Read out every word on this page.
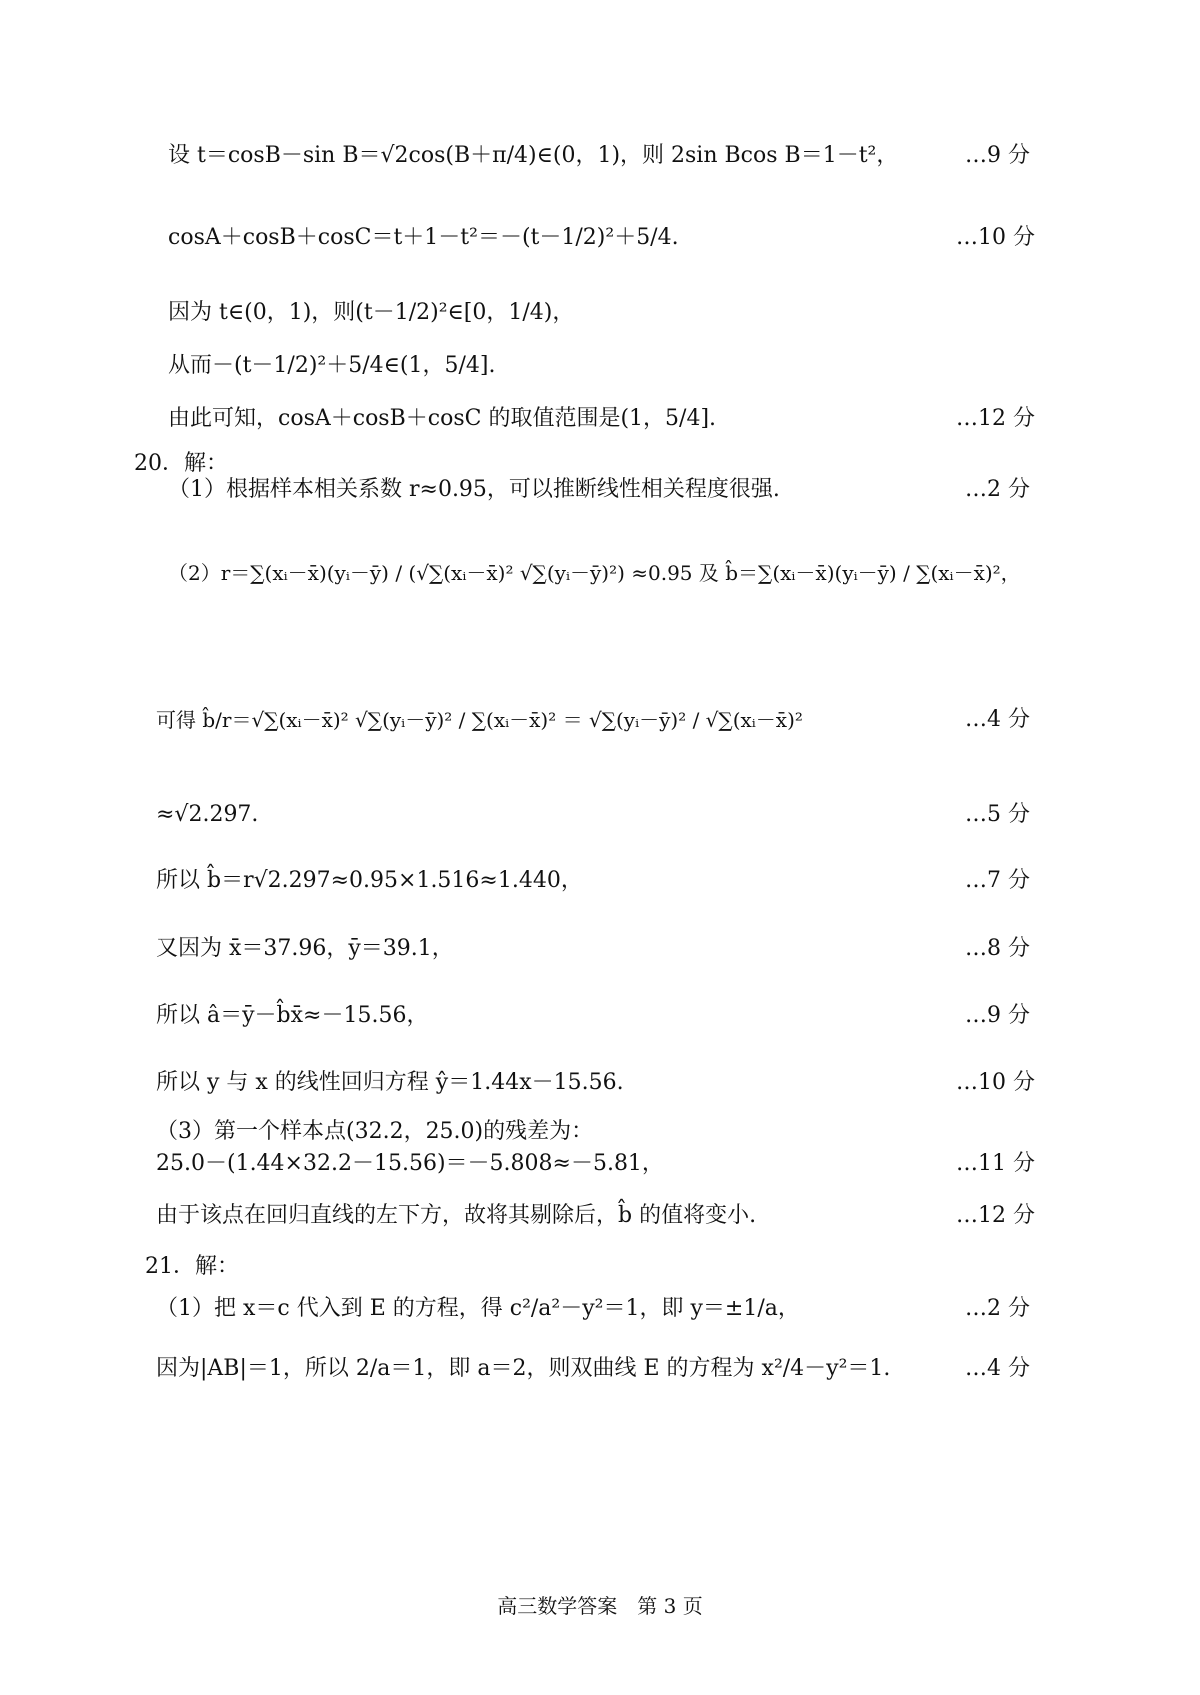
设 t＝cosB－sin B＝√2cos(B＋π/4)∈(0，1)，则 2sin Bcos B＝1－t²，	…9 分
cosA＋cosB＋cosC＝t＋1－t²＝－(t－1/2)²＋5/4.	…10 分
因为 t∈(0，1)，则(t－1/2)²∈[0，1/4)，
从而－(t－1/2)²＋5/4∈(1，5/4].
由此可知，cosA＋cosB＋cosC 的取值范围是(1，5/4].	…12 分
20．解：
（1）根据样本相关系数 r≈0.95，可以推断线性相关程度很强.	…2 分
（2）r＝∑(xᵢ－x̄)(yᵢ－ȳ) / (√∑(xᵢ－x̄)² √∑(yᵢ－ȳ)²) ≈0.95 及 b̂＝∑(xᵢ－x̄)(yᵢ－ȳ) / ∑(xᵢ－x̄)²，
可得 b̂/r＝√∑(xᵢ－x̄)² √∑(yᵢ－ȳ)² / ∑(xᵢ－x̄)² ＝ √∑(yᵢ－ȳ)² / √∑(xᵢ－x̄)²	…4 分
≈√2.297.	…5 分
所以 b̂＝r√2.297≈0.95×1.516≈1.440，	…7 分
又因为 x̄＝37.96，ȳ＝39.1，	…8 分
所以 â＝ȳ－b̂x̄≈－15.56，	…9 分
所以 y 与 x 的线性回归方程 ŷ＝1.44x－15.56.	…10 分
（3）第一个样本点(32.2，25.0)的残差为：
25.0－(1.44×32.2－15.56)＝－5.808≈－5.81，	…11 分
由于该点在回归直线的左下方，故将其剔除后，b̂ 的值将变小.	…12 分
21．解：
（1）把 x＝c 代入到 E 的方程，得 c²/a²－y²＝1，即 y＝±1/a，	…2 分
因为|AB|＝1，所以 2/a＝1，即 a＝2，则双曲线 E 的方程为 x²/4－y²＝1.	…4 分
高三数学答案　第 3 页
